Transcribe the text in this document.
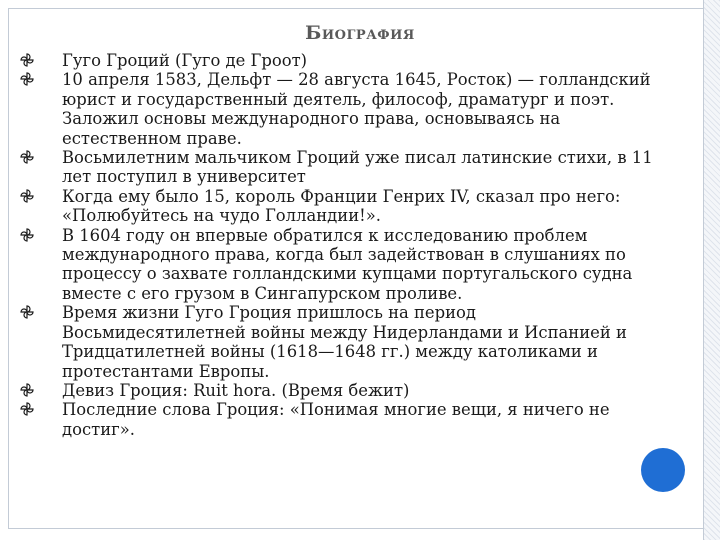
Биография
Гуго Гроций (Гуго де Гроот)
10 апреля 1583, Дельфт — 28 августа 1645, Росток) — голландский юрист и государственный деятель, философ, драматург и поэт. Заложил основы международного права, основываясь на естественном праве.
Восьмилетним мальчиком Гроций уже писал латинские стихи, в 11 лет поступил в университет
Когда ему было 15, король Франции Генрих IV, сказал про него: «Полюбуйтесь на чудо Голландии!».
В 1604 году он впервые обратился к исследованию проблем международного права, когда был задействован в слушаниях по процессу о захвате голландскими купцами португальского судна вместе с его грузом в Сингапурском проливе.
Время жизни Гуго Гроция пришлось на период Восьмидесятилетней войны между Нидерландами и Испанией и Тридцатилетней войны (1618—1648 гг.) между католиками и протестантами Европы.
Девиз Гроция: Ruit hora. (Время бежит)
Последние слова Гроция: «Понимая многие вещи, я ничего не достиг».
